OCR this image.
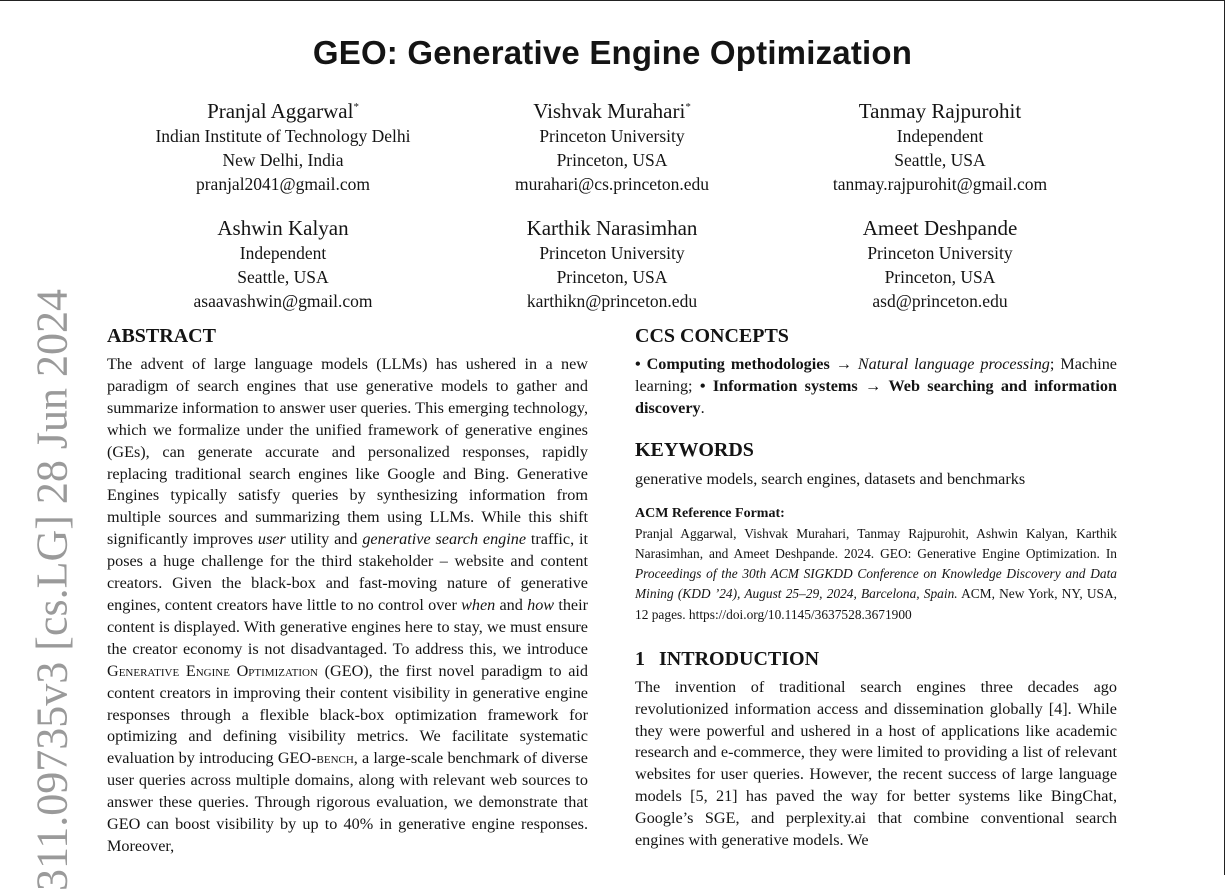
GEO: Generative Engine Optimization
Pranjal Aggarwal*
Indian Institute of Technology Delhi
New Delhi, India
pranjal2041@gmail.com
Vishvak Murahari*
Princeton University
Princeton, USA
murahari@cs.princeton.edu
Tanmay Rajpurohit
Independent
Seattle, USA
tanmay.rajpurohit@gmail.com
Ashwin Kalyan
Independent
Seattle, USA
asaavashwin@gmail.com
Karthik Narasimhan
Princeton University
Princeton, USA
karthikn@princeton.edu
Ameet Deshpande
Princeton University
Princeton, USA
asd@princeton.edu
311.09735v3 [cs.LG] 28 Jun 2024 ABSTRACT

The advent of large language models (LLMs) has ushered in a new paradigm of search engines that use generative models to gather and summarize information to answer user queries. This emerging technology, which we formalize under the unified framework of generative engines (GEs), can generate accurate and personalized responses, rapidly replacing traditional search engines like Google and Bing. Generative Engines typically satisfy queries by synthesizing information from multiple sources and summarizing them using LLMs. While this shift significantly improves user utility and generative search engine traffic, it poses a huge challenge for the third stakeholder – website and content creators. Given the black-box and fast-moving nature of generative engines, content creators have little to no control over when and how their content is displayed. With generative engines here to stay, we must ensure the creator economy is not disadvantaged. To address this, we introduce Generative Engine Optimization (GEO), the first novel paradigm to aid content creators in improving their content visibility in generative engine responses through a flexible black-box optimization framework for optimizing and defining visibility metrics. We facilitate systematic evaluation by introducing GEO-bench, a large-scale benchmark of diverse user queries across multiple domains, along with relevant web sources to answer these queries. Through rigorous evaluation, we demonstrate that GEO can boost visibility by up to 40% in generative engine responses. Moreover,

CCS CONCEPTS

• Computing methodologies → Natural language processing; Machine learning; • Information systems → Web searching and information discovery.

KEYWORDS

generative models, search engines, datasets and benchmarks

ACM Reference Format:

Pranjal Aggarwal, Vishvak Murahari, Tanmay Rajpurohit, Ashwin Kalyan, Karthik Narasimhan, and Ameet Deshpande. 2024. GEO: Generative Engine Optimization. In Proceedings of the 30th ACM SIGKDD Conference on Knowledge Discovery and Data Mining (KDD ’24), August 25–29, 2024, Barcelona, Spain. ACM, New York, NY, USA, 12 pages. https://doi.org/10.1145/3637528.3671900

1 INTRODUCTION

The invention of traditional search engines three decades ago revolutionized information access and dissemination globally [4]. While they were powerful and ushered in a host of applications like academic research and e-commerce, they were limited to providing a list of relevant websites for user queries. However, the recent success of large language models [5, 21] has paved the way for better systems like BingChat, Google’s SGE, and perplexity.ai that combine conventional search engines with generative models. We
